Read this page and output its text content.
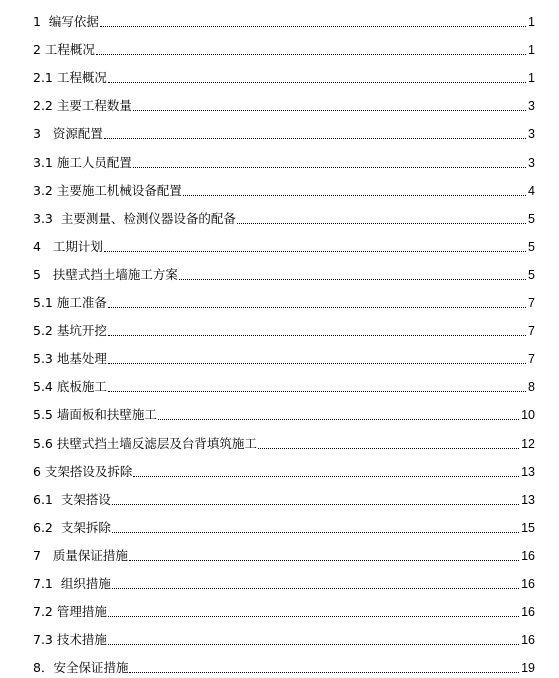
1  编写依据	1
2 工程概况	1
2.1 工程概况	1
2.2 主要工程数量	3
3   资源配置	3
3.1 施工人员配置	3
3.2 主要施工机械设备配置	4
3.3  主要测量、检测仪器设备的配备	5
4   工期计划	5
5   扶壁式挡土墙施工方案	5
5.1 施工准备	7
5.2 基坑开挖	7
5.3 地基处理	7
5.4 底板施工	8
5.5 墙面板和扶壁施工	10
5.6 扶壁式挡土墙反滤层及台背填筑施工	12
6 支架搭设及拆除	13
6.1  支架搭设	13
6.2  支架拆除	15
7   质量保证措施	16
7.1  组织措施	16
7.2 管理措施	16
7.3 技术措施	16
8．安全保证措施	19
